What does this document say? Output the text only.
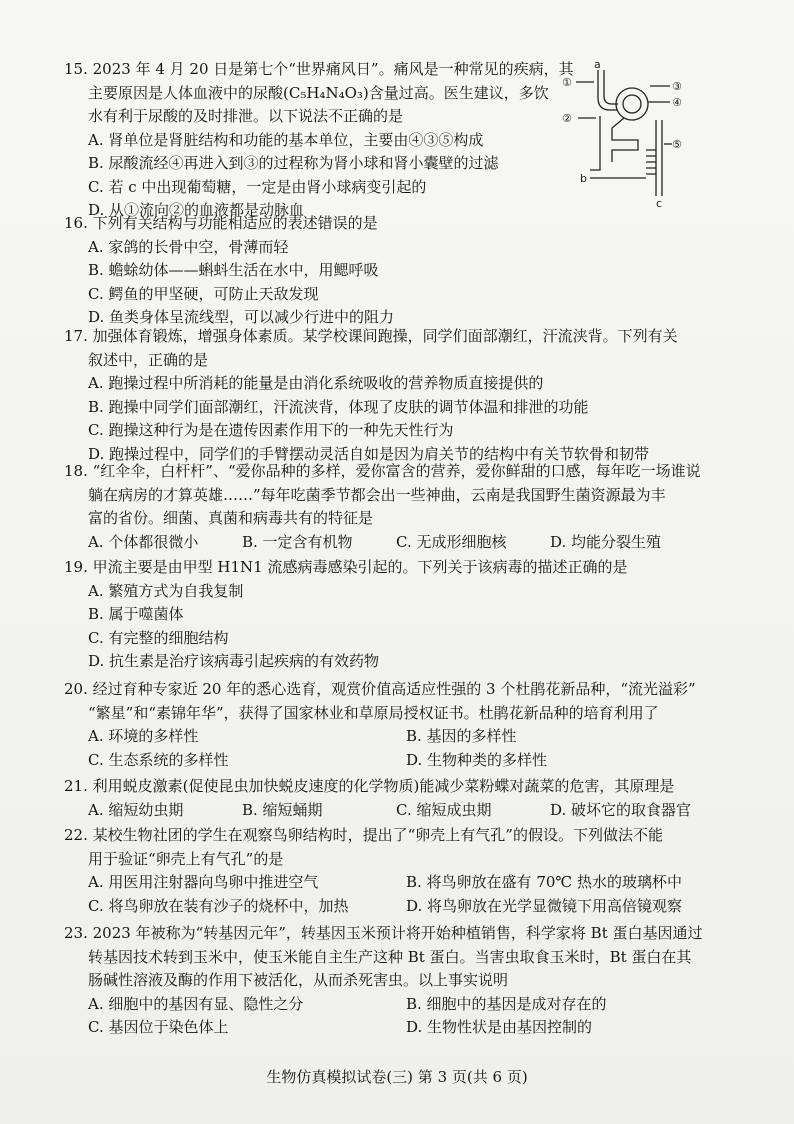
15. 2023 年 4 月 20 日是第七个“世界痛风日”。痛风是一种常见的疾病，其

主要原因是人体血液中的尿酸(C₅H₄N₄O₃)含量过高。医生建议，多饮

水有利于尿酸的及时排泄。以下说法不正确的是

A. 肾单位是肾脏结构和功能的基本单位，主要由④③⑤构成

B. 尿酸流经④再进入到③的过程称为肾小球和肾小囊壁的过滤

C. 若 c 中出现葡萄糖，一定是由肾小球病变引起的

D. 从①流向②的血液都是动脉血

①
②
③
④
⑤
a
b
c

16. 下列有关结构与功能相适应的表述错误的是

A. 家鸽的长骨中空，骨薄而轻

B. 蟾蜍幼体——蝌蚪生活在水中，用鳃呼吸

C. 鳄鱼的甲坚硬，可防止天敌发现

D. 鱼类身体呈流线型，可以减少行进中的阻力

17. 加强体育锻炼，增强身体素质。某学校课间跑操，同学们面部潮红，汗流浃背。下列有关

叙述中，正确的是

A. 跑操过程中所消耗的能量是由消化系统吸收的营养物质直接提供的

B. 跑操中同学们面部潮红，汗流浃背，体现了皮肤的调节体温和排泄的功能

C. 跑操这种行为是在遗传因素作用下的一种先天性行为

D. 跑操过程中，同学们的手臂摆动灵活自如是因为肩关节的结构中有关节软骨和韧带

18. “红伞伞，白杆杆”、“爱你品种的多样，爱你富含的营养，爱你鲜甜的口感，每年吃一场谁说

躺在病房的才算英雄……”每年吃菌季节都会出一些神曲，云南是我国野生菌资源最为丰

富的省份。细菌、真菌和病毒共有的特征是

A. 个体都很微小	B. 一定含有机物	C. 无成形细胞核	D. 均能分裂生殖

19. 甲流主要是由甲型 H1N1 流感病毒感染引起的。下列关于该病毒的描述正确的是

A. 繁殖方式为自我复制

B. 属于噬菌体

C. 有完整的细胞结构

D. 抗生素是治疗该病毒引起疾病的有效药物

20. 经过育种专家近 20 年的悉心选育，观赏价值高适应性强的 3 个杜鹃花新品种，“流光溢彩”

“繁星”和“素锦年华”，获得了国家林业和草原局授权证书。杜鹃花新品种的培育利用了

A. 环境的多样性	B. 基因的多样性
C. 生态系统的多样性	D. 生物种类的多样性

21. 利用蜕皮激素(促使昆虫加快蜕皮速度的化学物质)能减少菜粉蝶对蔬菜的危害，其原理是

A. 缩短幼虫期	B. 缩短蛹期	C. 缩短成虫期	D. 破坏它的取食器官

22. 某校生物社团的学生在观察鸟卵结构时，提出了“卵壳上有气孔”的假设。下列做法不能

用于验证“卵壳上有气孔”的是

A. 用医用注射器向鸟卵中推进空气	B. 将鸟卵放在盛有 70℃ 热水的玻璃杯中
C. 将鸟卵放在装有沙子的烧杯中，加热	D. 将鸟卵放在光学显微镜下用高倍镜观察

23. 2023 年被称为“转基因元年”，转基因玉米预计将开始种植销售，科学家将 Bt 蛋白基因通过

转基因技术转到玉米中，使玉米能自主生产这种 Bt 蛋白。当害虫取食玉米时，Bt 蛋白在其

肠碱性溶液及酶的作用下被活化，从而杀死害虫。以上事实说明

A. 细胞中的基因有显、隐性之分	B. 细胞中的基因是成对存在的
C. 基因位于染色体上	D. 生物性状是由基因控制的
生物仿真模拟试卷(三) 第 3 页(共 6 页)
